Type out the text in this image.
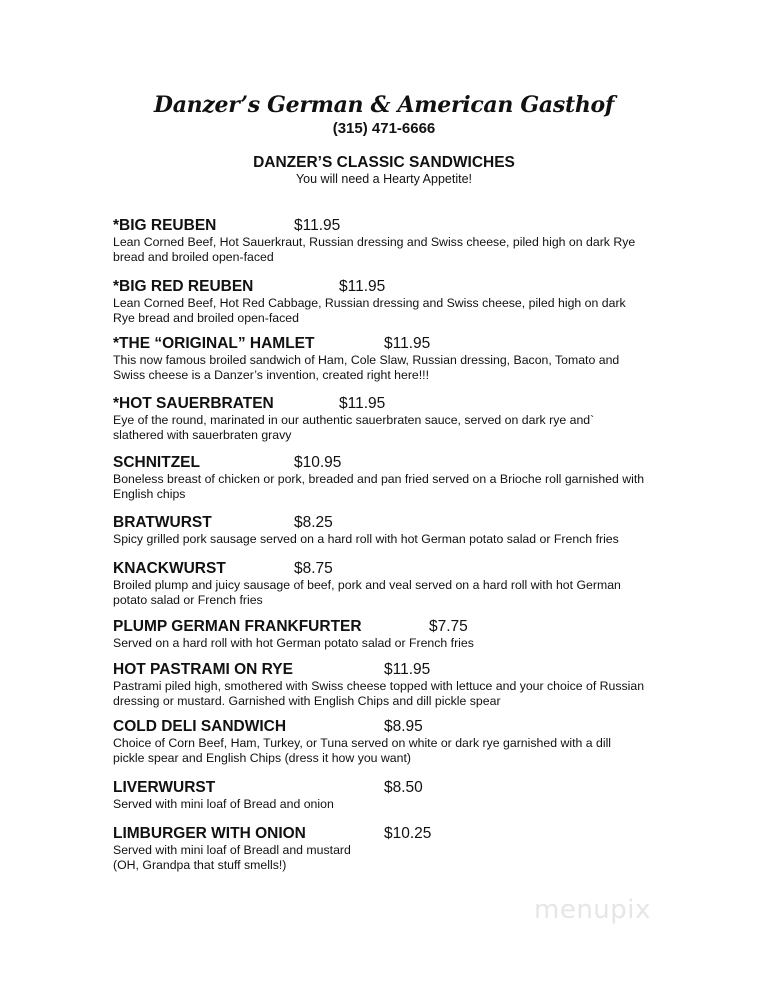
Danzer’s German & American Gasthof
(315) 471-6666
DANZER’S CLASSIC SANDWICHES
You will need a Hearty Appetite!
*BIG REUBEN	$11.95
Lean Corned Beef, Hot Sauerkraut, Russian dressing and Swiss cheese, piled high on dark Rye
bread and broiled open-faced
*BIG RED REUBEN	$11.95
Lean Corned Beef, Hot Red Cabbage, Russian dressing and Swiss cheese, piled high on dark
Rye bread and broiled open-faced
*THE “ORIGINAL” HAMLET	$11.95
This now famous broiled sandwich of Ham, Cole Slaw, Russian dressing, Bacon, Tomato and
Swiss cheese is a Danzer’s invention, created right here!!!
*HOT SAUERBRATEN	$11.95
Eye of the round, marinated in our authentic sauerbraten sauce, served on dark rye and`
slathered with sauerbraten gravy
SCHNITZEL	$10.95
Boneless breast of chicken or pork, breaded and pan fried served on a Brioche roll garnished with
English chips
BRATWURST	$8.25
Spicy grilled pork sausage served on a hard roll with hot German potato salad or French fries
KNACKWURST	$8.75
Broiled plump and juicy sausage of beef, pork and veal served on a hard roll with hot German
potato salad or French fries
PLUMP GERMAN FRANKFURTER	$7.75
Served on a hard roll with hot German potato salad or French fries
HOT PASTRAMI ON RYE	$11.95
Pastrami piled high, smothered with Swiss cheese topped with lettuce and your choice of Russian
dressing or mustard. Garnished with English Chips and dill pickle spear
COLD DELI SANDWICH	$8.95
Choice of Corn Beef, Ham, Turkey, or Tuna served on white or dark rye garnished with a dill
pickle spear and English Chips (dress it how you want)
LIVERWURST	$8.50
Served with mini loaf of Bread and onion
LIMBURGER WITH ONION	$10.25
Served with mini loaf of Breadl and mustard
(OH, Grandpa that stuff smells!)
menupix
